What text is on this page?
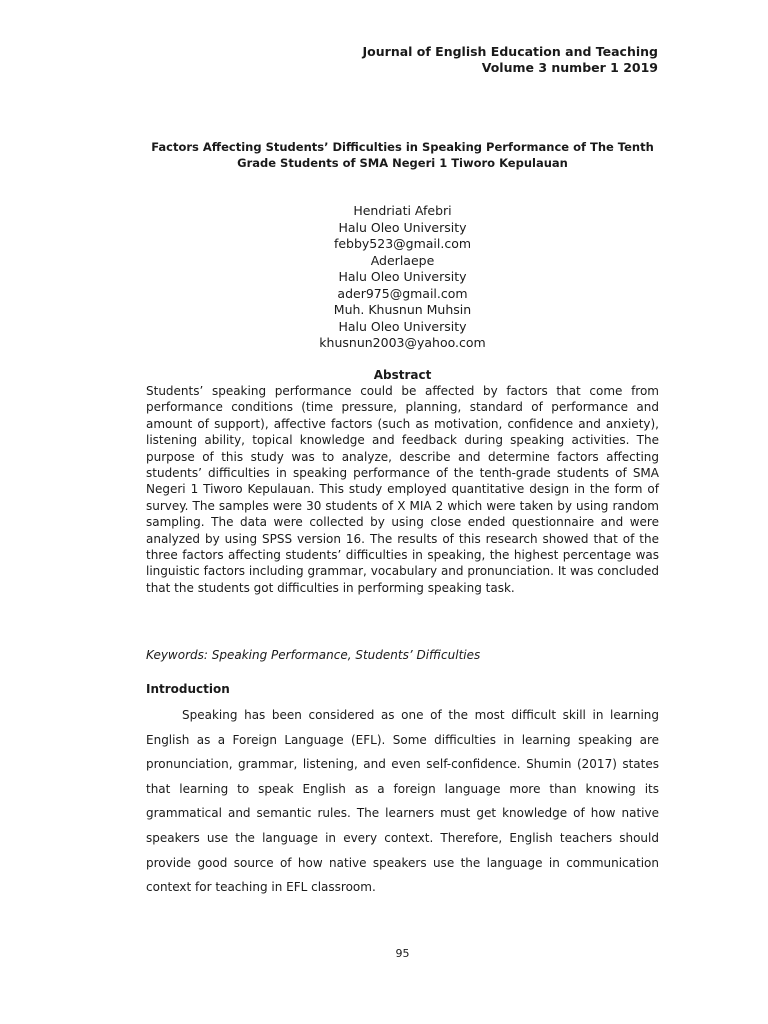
Journal of English Education and Teaching
Volume 3 number 1 2019
Factors Affecting Students’ Difficulties in Speaking Performance of The Tenth Grade Students of SMA Negeri 1 Tiworo Kepulauan
Hendriati Afebri
Halu Oleo University
febby523@gmail.com
Aderlaepe
Halu Oleo University
ader975@gmail.com
Muh. Khusnun Muhsin
Halu Oleo University
khusnun2003@yahoo.com
Abstract

Students’ speaking performance could be affected by factors that come from performance conditions (time pressure, planning, standard of performance and amount of support), affective factors (such as motivation, confidence and anxiety), listening ability, topical knowledge and feedback during speaking activities. The purpose of this study was to analyze, describe and determine factors affecting students’ difficulties in speaking performance of the tenth-grade students of SMA Negeri 1 Tiworo Kepulauan. This study employed quantitative design in the form of survey. The samples were 30 students of X MIA 2 which were taken by using random sampling. The data were collected by using close ended questionnaire and were analyzed by using SPSS version 16. The results of this research showed that of the three factors affecting students’ difficulties in speaking, the highest percentage was linguistic factors including grammar, vocabulary and pronunciation. It was concluded that the students got difficulties in performing speaking task.

Keywords: Speaking Performance, Students’ Difficulties

Introduction

Speaking has been considered as one of the most difficult skill in learning English as a Foreign Language (EFL). Some difficulties in learning speaking are pronunciation, grammar, listening, and even self-confidence. Shumin (2017) states that learning to speak English as a foreign language more than knowing its grammatical and semantic rules. The learners must get knowledge of how native speakers use the language in every context. Therefore, English teachers should provide good source of how native speakers use the language in communication context for teaching in EFL classroom.

95
